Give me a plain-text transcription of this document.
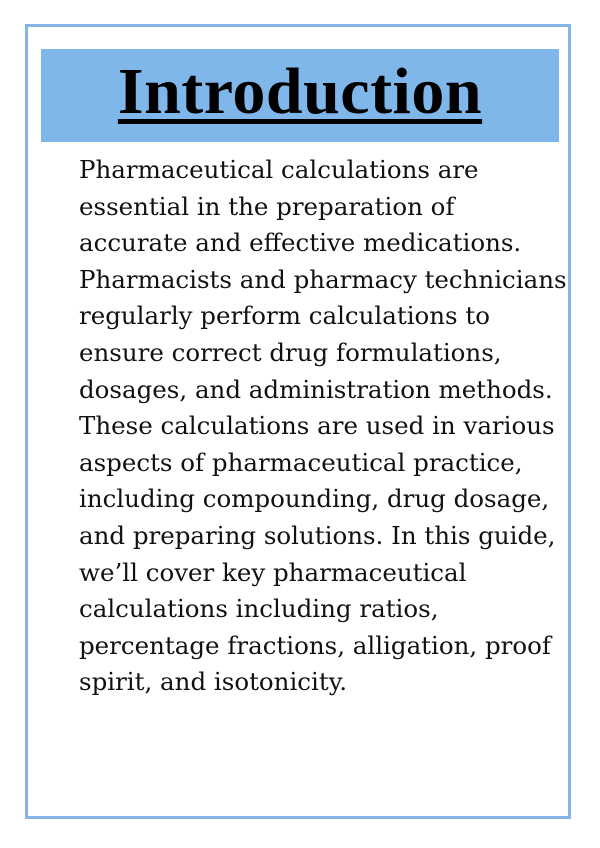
Introduction

Pharmaceutical calculations are essential in the preparation of accurate and effective medications. Pharmacists and pharmacy technicians regularly perform calculations to ensure correct drug formulations, dosages, and administration methods. These calculations are used in various aspects of pharmaceutical practice, including compounding, drug dosage, and preparing solutions. In this guide, we’ll cover key pharmaceutical calculations including ratios, percentage fractions, alligation, proof spirit, and isotonicity.
